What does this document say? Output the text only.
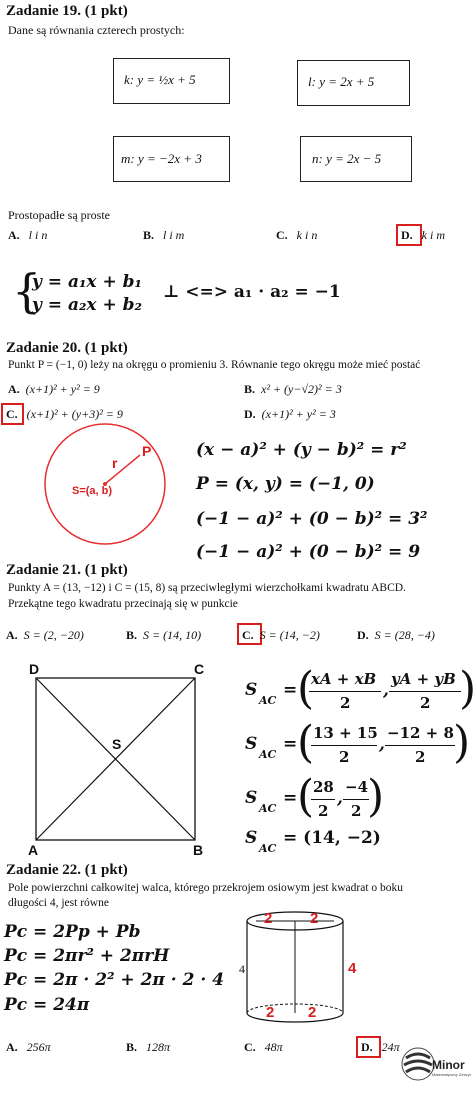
Zadanie 19. (1 pkt)
Dane są równania czterech prostych:
k: y = ½x + 5	l: y = 2x + 5
m: y = −2x + 3	n: y = 2x − 5
Prostopadłe są proste
A. l i n	B. l i m	C. k i n	D. k i m
{
y = a₁x + b₁
y = a₂x + b₂
⊥ <=> a₁ · a₂ = −1
Zadanie 20. (1 pkt)
Punkt P = (−1, 0) leży na okręgu o promieniu 3. Równanie tego okręgu może mieć postać
A. (x+1)² + y² = 9	B. x² + (y−√2)² = 3
C. (x+1)² + (y+3)² = 9	D. (x+1)² + y² = 3
P
r
S=(a, b)
(x − a)² + (y − b)² = r²
P = (x, y) = (−1, 0)
(−1 − a)² + (0 − b)² = 3²
(−1 − a)² + (0 − b)² = 9
Zadanie 21. (1 pkt)
Punkty A = (13, −12) i C = (15, 8) są przeciwległymi wierzchołkami kwadratu ABCD.
Przekątne tego kwadratu przecinają się w punkcie
A. S = (2, −20)	B. S = (14, 10)	C. S = (14, −2)	D. S = (28, −4)
D	C
A	B
S
S
AC
= (
xA + xB
2
,
yA + yB
2 )
S
AC
= (
13 + 15
2
,
−12 + 8
2 )
S
AC
= (
28
2
,
−4
2 )
S
AC
= (14, −2)
Zadanie 22. (1 pkt)
Pole powierzchni całkowitej walca, którego przekrojem osiowym jest kwadrat o boku
długości 4, jest równe
Pc = 2Pp + Pb
Pc = 2πr² + 2πrH
Pc = 2π · 2² + 2π · 2 · 4
Pc = 24π
2	2
2 2
4
4
A. 256π	B. 128π	C. 48π	D. 24π
Minor
Matematyczny Zeszyt
